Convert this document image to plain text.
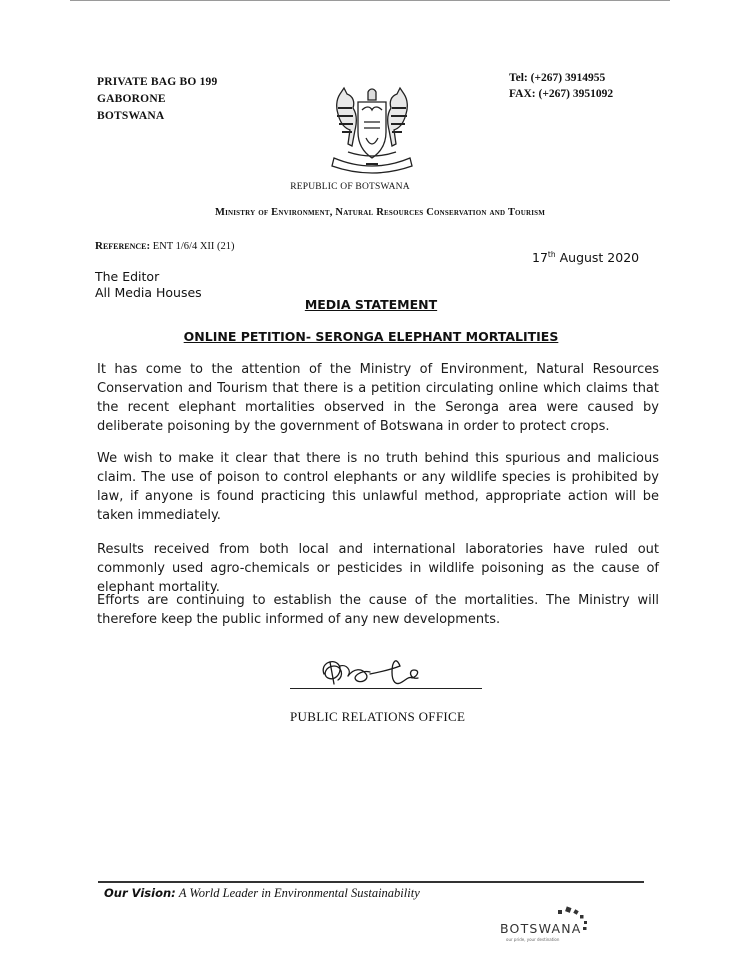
PRIVATE BAG BO 199
GABORONE
BOTSWANA
Tel: (+267) 3914955
FAX: (+267) 3951092
REPUBLIC OF BOTSWANA
Ministry of Environment, Natural Resources Conservation and Tourism
Reference: ENT 1/6/4 XII (21)
17th August 2020
The Editor
All Media Houses
MEDIA STATEMENT
ONLINE PETITION- SERONGA ELEPHANT MORTALITIES
It has come to the attention of the Ministry of Environment, Natural Resources Conservation and Tourism that there is a petition circulating online which claims that the recent elephant mortalities observed in the Seronga area were caused by deliberate poisoning by the government of Botswana in order to protect crops.
We wish to make it clear that there is no truth behind this spurious and malicious claim. The use of poison to control elephants or any wildlife species is prohibited by law, if anyone is found practicing this unlawful method, appropriate action will be taken immediately.
Results received from both local and international laboratories have ruled out commonly used agro-chemicals or pesticides in wildlife poisoning as the cause of elephant mortality.
Efforts are continuing to establish the cause of the mortalities. The Ministry will therefore keep the public informed of any new developments.
PUBLIC RELATIONS OFFICE
Our Vision: A World Leader in Environmental Sustainability
BOTSWANA
our pride, your destination
